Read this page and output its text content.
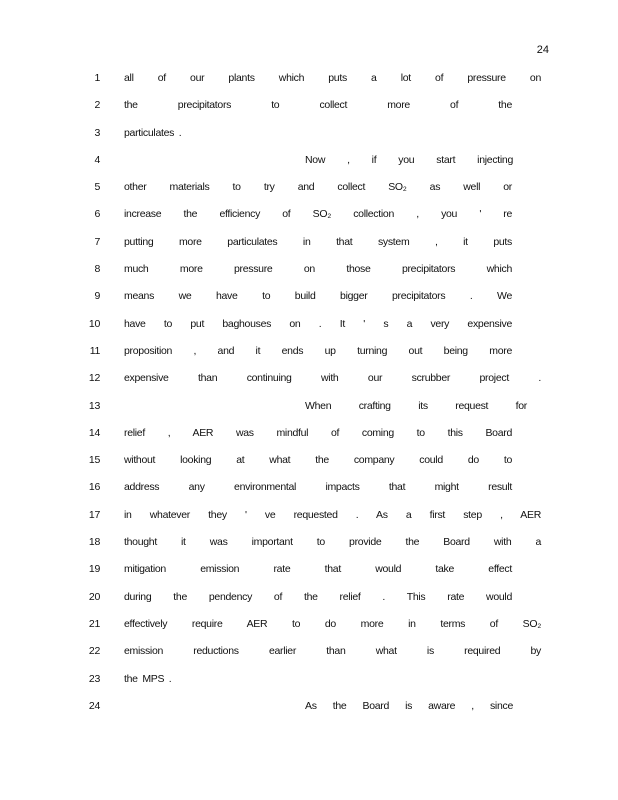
24
1 all of our plants which puts a lot of pressure on
2 the precipitators to collect more of the
3 particulates .
4	Now , if you start injecting
5 other materials to try and collect SO₂ as well or
6 increase the efficiency of SO₂ collection , you ' re
7 putting more particulates in that system , it puts
8 much more pressure on those precipitators which
9 means we have to build bigger precipitators . We
10 have to put baghouses on . It ' s a very expensive
11 proposition , and it ends up turning out being more
12 expensive than continuing with our scrubber project .
13	When crafting its request for
14 relief , AER was mindful of coming to this Board
15 without looking at what the company could do to
16 address any environmental impacts that might result
17 in whatever they ' ve requested . As a first step , AER
18 thought it was important to provide the Board with a
19 mitigation emission rate that would take effect
20 during the pendency of the relief . This rate would
21 effectively require AER to do more in terms of SO₂
22 emission reductions earlier than what is required by
23 the MPS .
24	As the Board is aware , since
